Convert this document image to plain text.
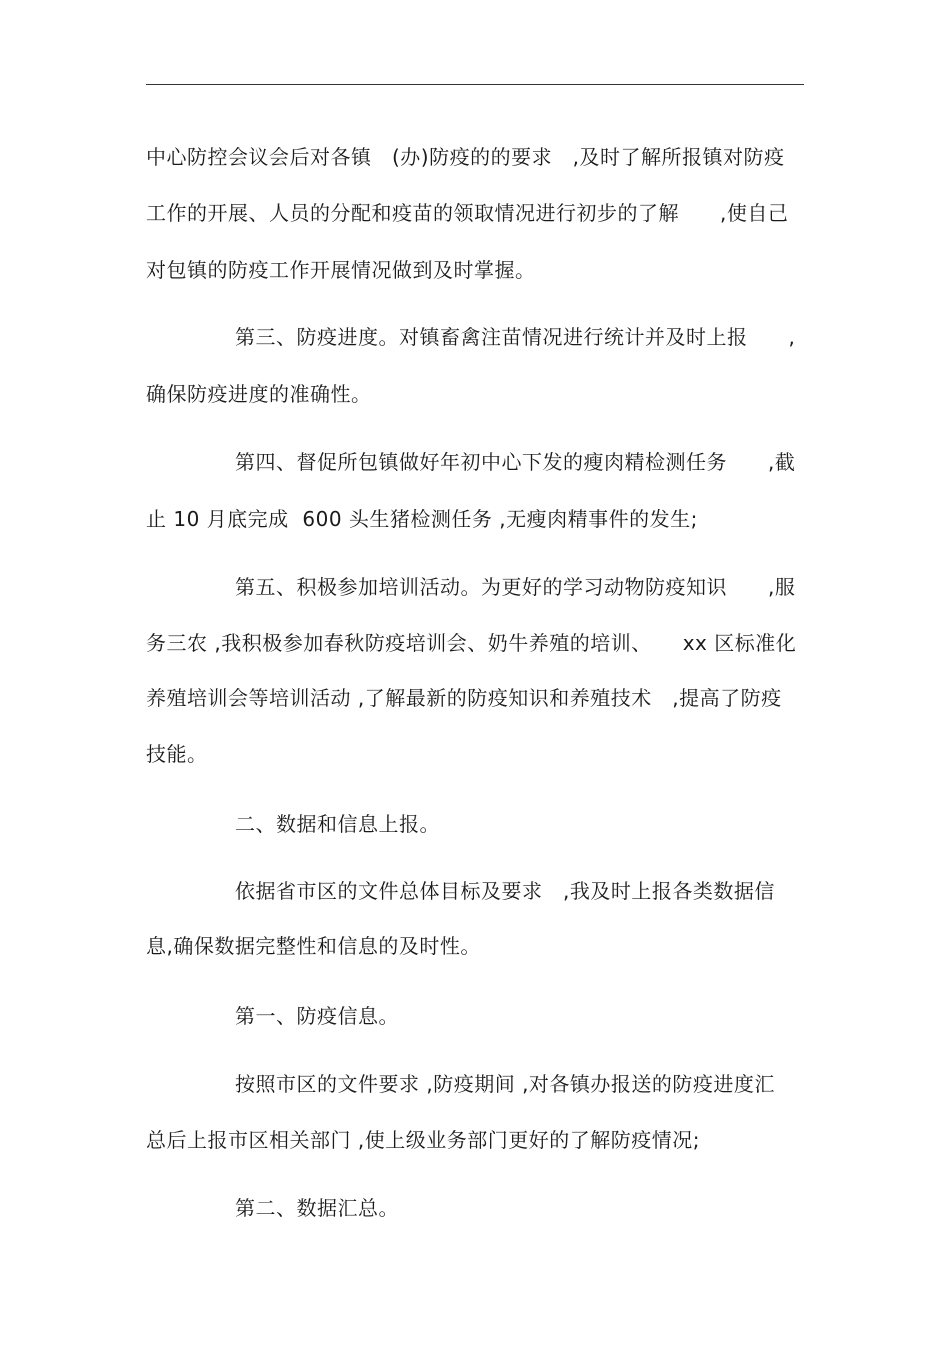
中心防控会议会后对各镇　(办)防疫的的要求　,及时了解所报镇对防疫
工作的开展、人员的分配和疫苗的领取情况进行初步的了解　　,使自己
对包镇的防疫工作开展情况做到及时掌握。
第三、防疫进度。对镇畜禽注苗情况进行统计并及时上报　　,
确保防疫进度的准确性。
第四、督促所包镇做好年初中心下发的瘦肉精检测任务　　,截
止 10 月底完成  600 头生猪检测任务 ,无瘦肉精事件的发生;
第五、积极参加培训活动。为更好的学习动物防疫知识　　,服
务三农 ,我积极参加春秋防疫培训会、奶牛养殖的培训、　　xx 区标准化
养殖培训会等培训活动 ,了解最新的防疫知识和养殖技术　,提高了防疫
技能。
二、数据和信息上报。
依据省市区的文件总体目标及要求　,我及时上报各类数据信
息,确保数据完整性和信息的及时性。
第一、防疫信息。
按照市区的文件要求 ,防疫期间 ,对各镇办报送的防疫进度汇
总后上报市区相关部门 ,使上级业务部门更好的了解防疫情况;
第二、数据汇总。
